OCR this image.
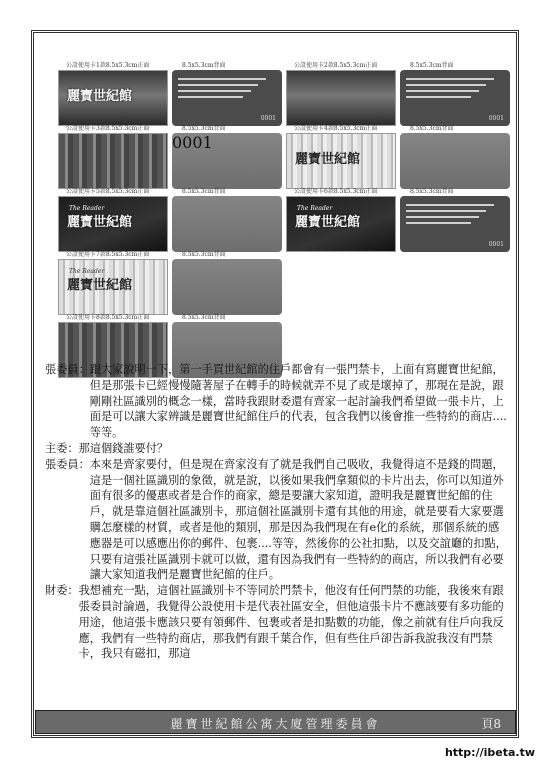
公設使用卡1款8.5x5.3cm正面	8.5x5.3cm背面
麗寶世紀館
0001
公設使用卡2款8.5x5.3cm正面	8.5x5.3cm背面
0001
公設使用卡3款8.5x5.3cm正面	8.5x5.3cm背面
0001
公設使用卡4款8.5x5.3cm正面	8.5x5.3cm背面
麗寶世紀館
公設使用卡5款8.5x5.3cm正面	8.5x5.3cm背面
The Reader
麗寶世紀館
公設使用卡6款8.5x5.3cm正面	8.5x5.3cm背面
The Reader
麗寶世紀館
0001
公設使用卡7款8.5x5.3cm正面	8.5x5.3cm背面
The Reader
麗寶世紀館
公設使用卡8款8.5x5.3cm正面	8.5x5.3cm背面
張委員：跟大家說明一下，第一手買世紀館的住戶都會有一張門禁卡，上面有寫麗寶世紀館，但是那張卡已經慢慢隨著屋子在轉手的時候就弄不見了或是壞掉了，那現在是說，跟剛剛社區識別的概念一樣，當時我跟財委還有齊家一起討論我們希望做一張卡片，上面是可以讓大家辨識是麗寶世紀館住戶的代表，包含我們以後會推一些特約的商店....等等。
主委：那這個錢誰要付？
張委員：本來是齊家要付，但是現在齊家沒有了就是我們自己吸收，我覺得這不是錢的問題，這是一個社區識別的象徵，就是說，以後如果我們拿類似的卡片出去，你可以知道外面有很多的優惠或者是合作的商家，總是要讓大家知道，證明我是麗寶世紀館的住戶，就是靠這個社區識別卡，那這個社區識別卡還有其他的用途，就是要看大家要選購怎麼樣的材質，或者是他的類別，那是因為我們現在有e化的系統，那個系統的感應器是可以感應出你的郵件、包裹....等等，然後你的公社扣點，以及交誼廳的扣點，只要有這張社區識別卡就可以做，還有因為我們有一些特約的商店，所以我們有必要讓大家知道我們是麗寶世紀館的住戶。
財委：我想補充一點，這個社區識別卡不等同於門禁卡，他沒有任何門禁的功能，我後來有跟張委員討論過，我覺得公設使用卡是代表社區安全，但他這張卡片不應該要有多功能的用途，他這張卡應該只要有領郵件、包裹或者是扣點數的功能，像之前就有住戶向我反應，我們有一些特約商店，那我們有跟千葉合作，但有些住戶卻告訴我說我沒有門禁卡，我只有磁扣，那這
麗寶世紀館公寓大廈管理委員會	頁8
http://ibeta.tw
